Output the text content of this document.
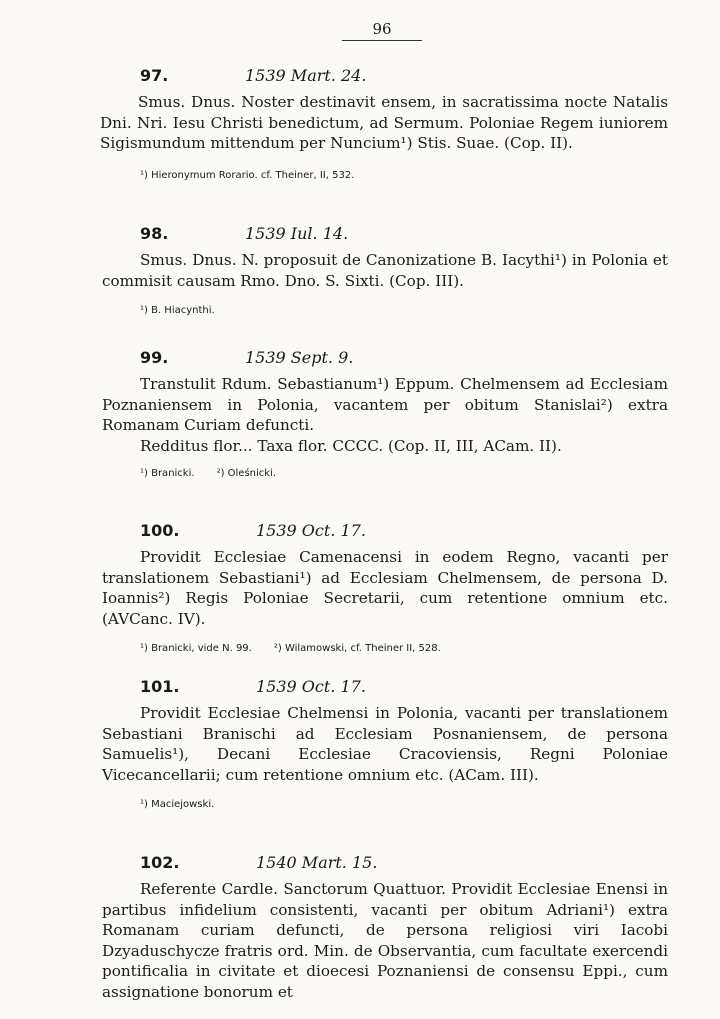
96
97.	1539 Mart. 24.

Smus. Dnus. Noster destinavit ensem, in sacratissima nocte Natalis Dni. Nri. Iesu Christi benedictum, ad Sermum. Poloniae Regem iuniorem Sigismundum mittendum per Nuncium¹) Stis. Suae. (Cop. II).

¹) Hieronymum Rorario. cf. Theiner, II, 532.
98.	1539 Iul. 14.

Smus. Dnus. N. proposuit de Canonizatione B. Iacythi¹) in Polonia et commisit causam Rmo. Dno. S. Sixti. (Cop. III).

¹) B. Hiacynthi.
99.	1539 Sept. 9.

Transtulit Rdum. Sebastianum¹) Eppum. Chelmensem ad Ecclesiam Poznaniensem in Polonia, vacantem per obitum Stanislai²) extra Romanam Curiam defuncti.

Redditus flor... Taxa flor. CCCC. (Cop. II, III, ACam. II).

¹) Branicki. ²) Oleśnicki.
100.	1539 Oct. 17.

Providit Ecclesiae Camenacensi in eodem Regno, vacanti per translationem Sebastiani¹) ad Ecclesiam Chelmensem, de persona D. Ioannis²) Regis Poloniae Secretarii, cum retentione omnium etc. (AVCanc. IV).

¹) Branicki, vide N. 99. ²) Wilamowski, cf. Theiner II, 528.
101.	1539 Oct. 17.

Providit Ecclesiae Chelmensi in Polonia, vacanti per translationem Sebastiani Branischi ad Ecclesiam Posnaniensem, de persona Samuelis¹), Decani Ecclesiae Cracoviensis, Regni Poloniae Vicecancellarii; cum retentione omnium etc. (ACam. III).

¹) Maciejowski.
102.	1540 Mart. 15.

Referente Cardle. Sanctorum Quattuor. Providit Ecclesiae Enensi in partibus infidelium consistenti, vacanti per obitum Adriani¹) extra Romanam curiam defuncti, de persona religiosi viri Iacobi Dzyaduschycze fratris ord. Min. de Observantia, cum facultate exercendi pontificalia in civitate et dioecesi Poznaniensi de consensu Eppi., cum assignatione bonorum et
